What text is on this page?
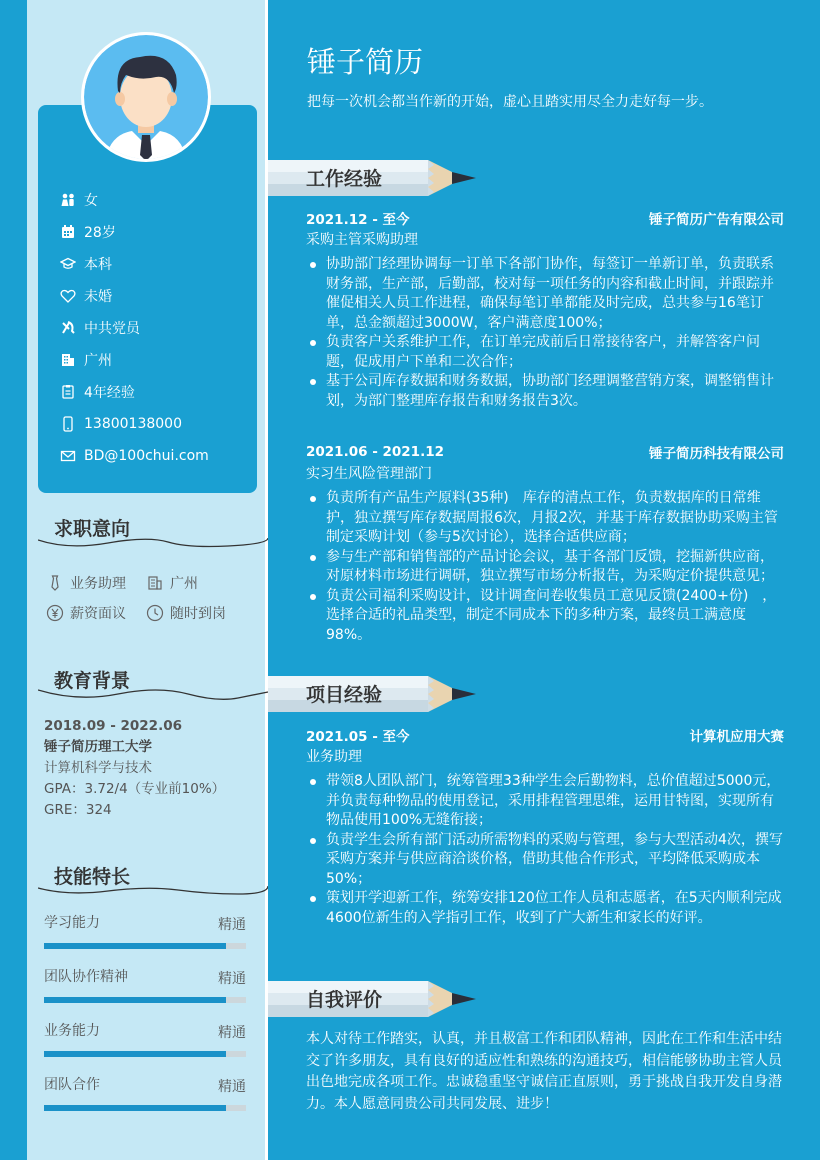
女
28岁
本科
未婚
中共党员
广州
4年经验
13800138000
BD@100chui.com
求职意向
业务助理	广州
薪资面议	随时到岗
教育背景
2018.09 - 2022.06
锤子简历理工大学
计算机科学与技术
GPA：3.72/4（专业前10%）
GRE：324
技能特长
学习能力	精通
团队协作精神	精通
业务能力	精通
团队合作	精通
锤子简历
把每一次机会都当作新的开始，虚心且踏实用尽全力走好每一步。
工作经验
2021.12 - 至今	锤子简历广告有限公司
采购主管采购助理
协助部门经理协调每一订单下各部门协作，每签订一单新订单，负责联系财务部，生产部，后勤部，校对每一项任务的内容和截止时间，并跟踪并催促相关人员工作进程，确保每笔订单都能及时完成，总共参与16笔订单，总金额超过3000W，客户满意度100%；
负责客户关系维护工作，在订单完成前后日常接待客户，并解答客户问题，促成用户下单和二次合作；
基于公司库存数据和财务数据，协助部门经理调整营销方案，调整销售计划，为部门整理库存报告和财务报告3次。
2021.06 - 2021.12	锤子简历科技有限公司
实习生风险管理部门
负责所有产品生产原料(35种)　库存的清点工作，负责数据库的日常维护，独立撰写库存数据周报6次，月报2次，并基于库存数据协助采购主管制定采购计划（参与5次讨论），选择合适供应商；
参与生产部和销售部的产品讨论会议，基于各部门反馈，挖掘新供应商，对原材料市场进行调研，独立撰写市场分析报告，为采购定价提供意见；
负责公司福利采购设计，设计调查问卷收集员工意见反馈(2400+份)　，选择合适的礼品类型，制定不同成本下的多种方案，最终员工满意度98%。
项目经验
2021.05 - 至今	计算机应用大赛
业务助理
带领8人团队部门，统筹管理33种学生会后勤物料，总价值超过5000元，并负责每种物品的使用登记，采用排程管理思维，运用甘特图，实现所有物品使用100%无缝衔接；
负责学生会所有部门活动所需物料的采购与管理，参与大型活动4次，撰写采购方案并与供应商洽谈价格，借助其他合作形式，平均降低采购成本50%；
策划开学迎新工作，统筹安排120位工作人员和志愿者，在5天内顺利完成4600位新生的入学指引工作，收到了广大新生和家长的好评。
自我评价
本人对待工作踏实，认真，并且极富工作和团队精神，因此在工作和生活中结交了许多朋友，具有良好的适应性和熟练的沟通技巧，相信能够协助主管人员出色地完成各项工作。忠诚稳重坚守诚信正直原则，勇于挑战自我开发自身潜力。本人愿意同贵公司共同发展、进步！
